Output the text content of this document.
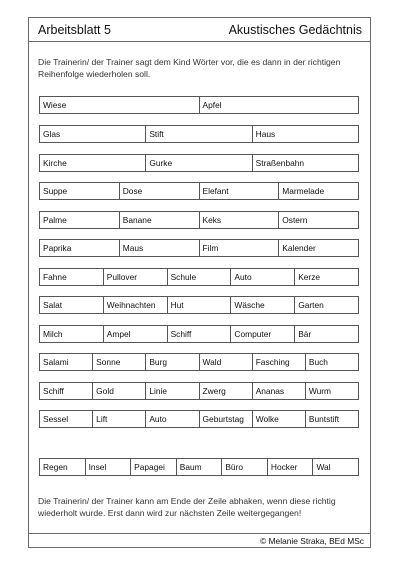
Arbeitsblatt 5	Akustisches Gedächtnis
Die Trainerin/ der Trainer sagt dem Kind Wörter vor, die es dann in der richtigen Reihenfolge wiederholen soll.
Wiese	Apfel
Glas	Stift	Haus
Kirche	Gurke	Straßenbahn
Suppe	Dose	Elefant	Marmelade
Palme	Banane	Keks	Ostern
Paprika	Maus	Film	Kalender
Fahne	Pullover	Schule	Auto	Kerze
Salat	Weihnachten	Hut	Wäsche	Garten
Milch	Ampel	Schiff	Computer	Bär
Salami	Sonne	Burg	Wald	Fasching	Buch
Schiff	Gold	Linie	Zwerg	Ananas	Wurm
Sessel	Lift	Auto	Geburtstag	Wolke	Buntstift
Regen	Insel	Papagei	Baum	Büro	Hocker	Wal
Die Trainerin/ der Trainer kann am Ende der Zeile abhaken, wenn diese richtig wiederholt wurde. Erst dann wird zur nächsten Zeile weitergegangen!
© Melanie Straka, BEd MSc
